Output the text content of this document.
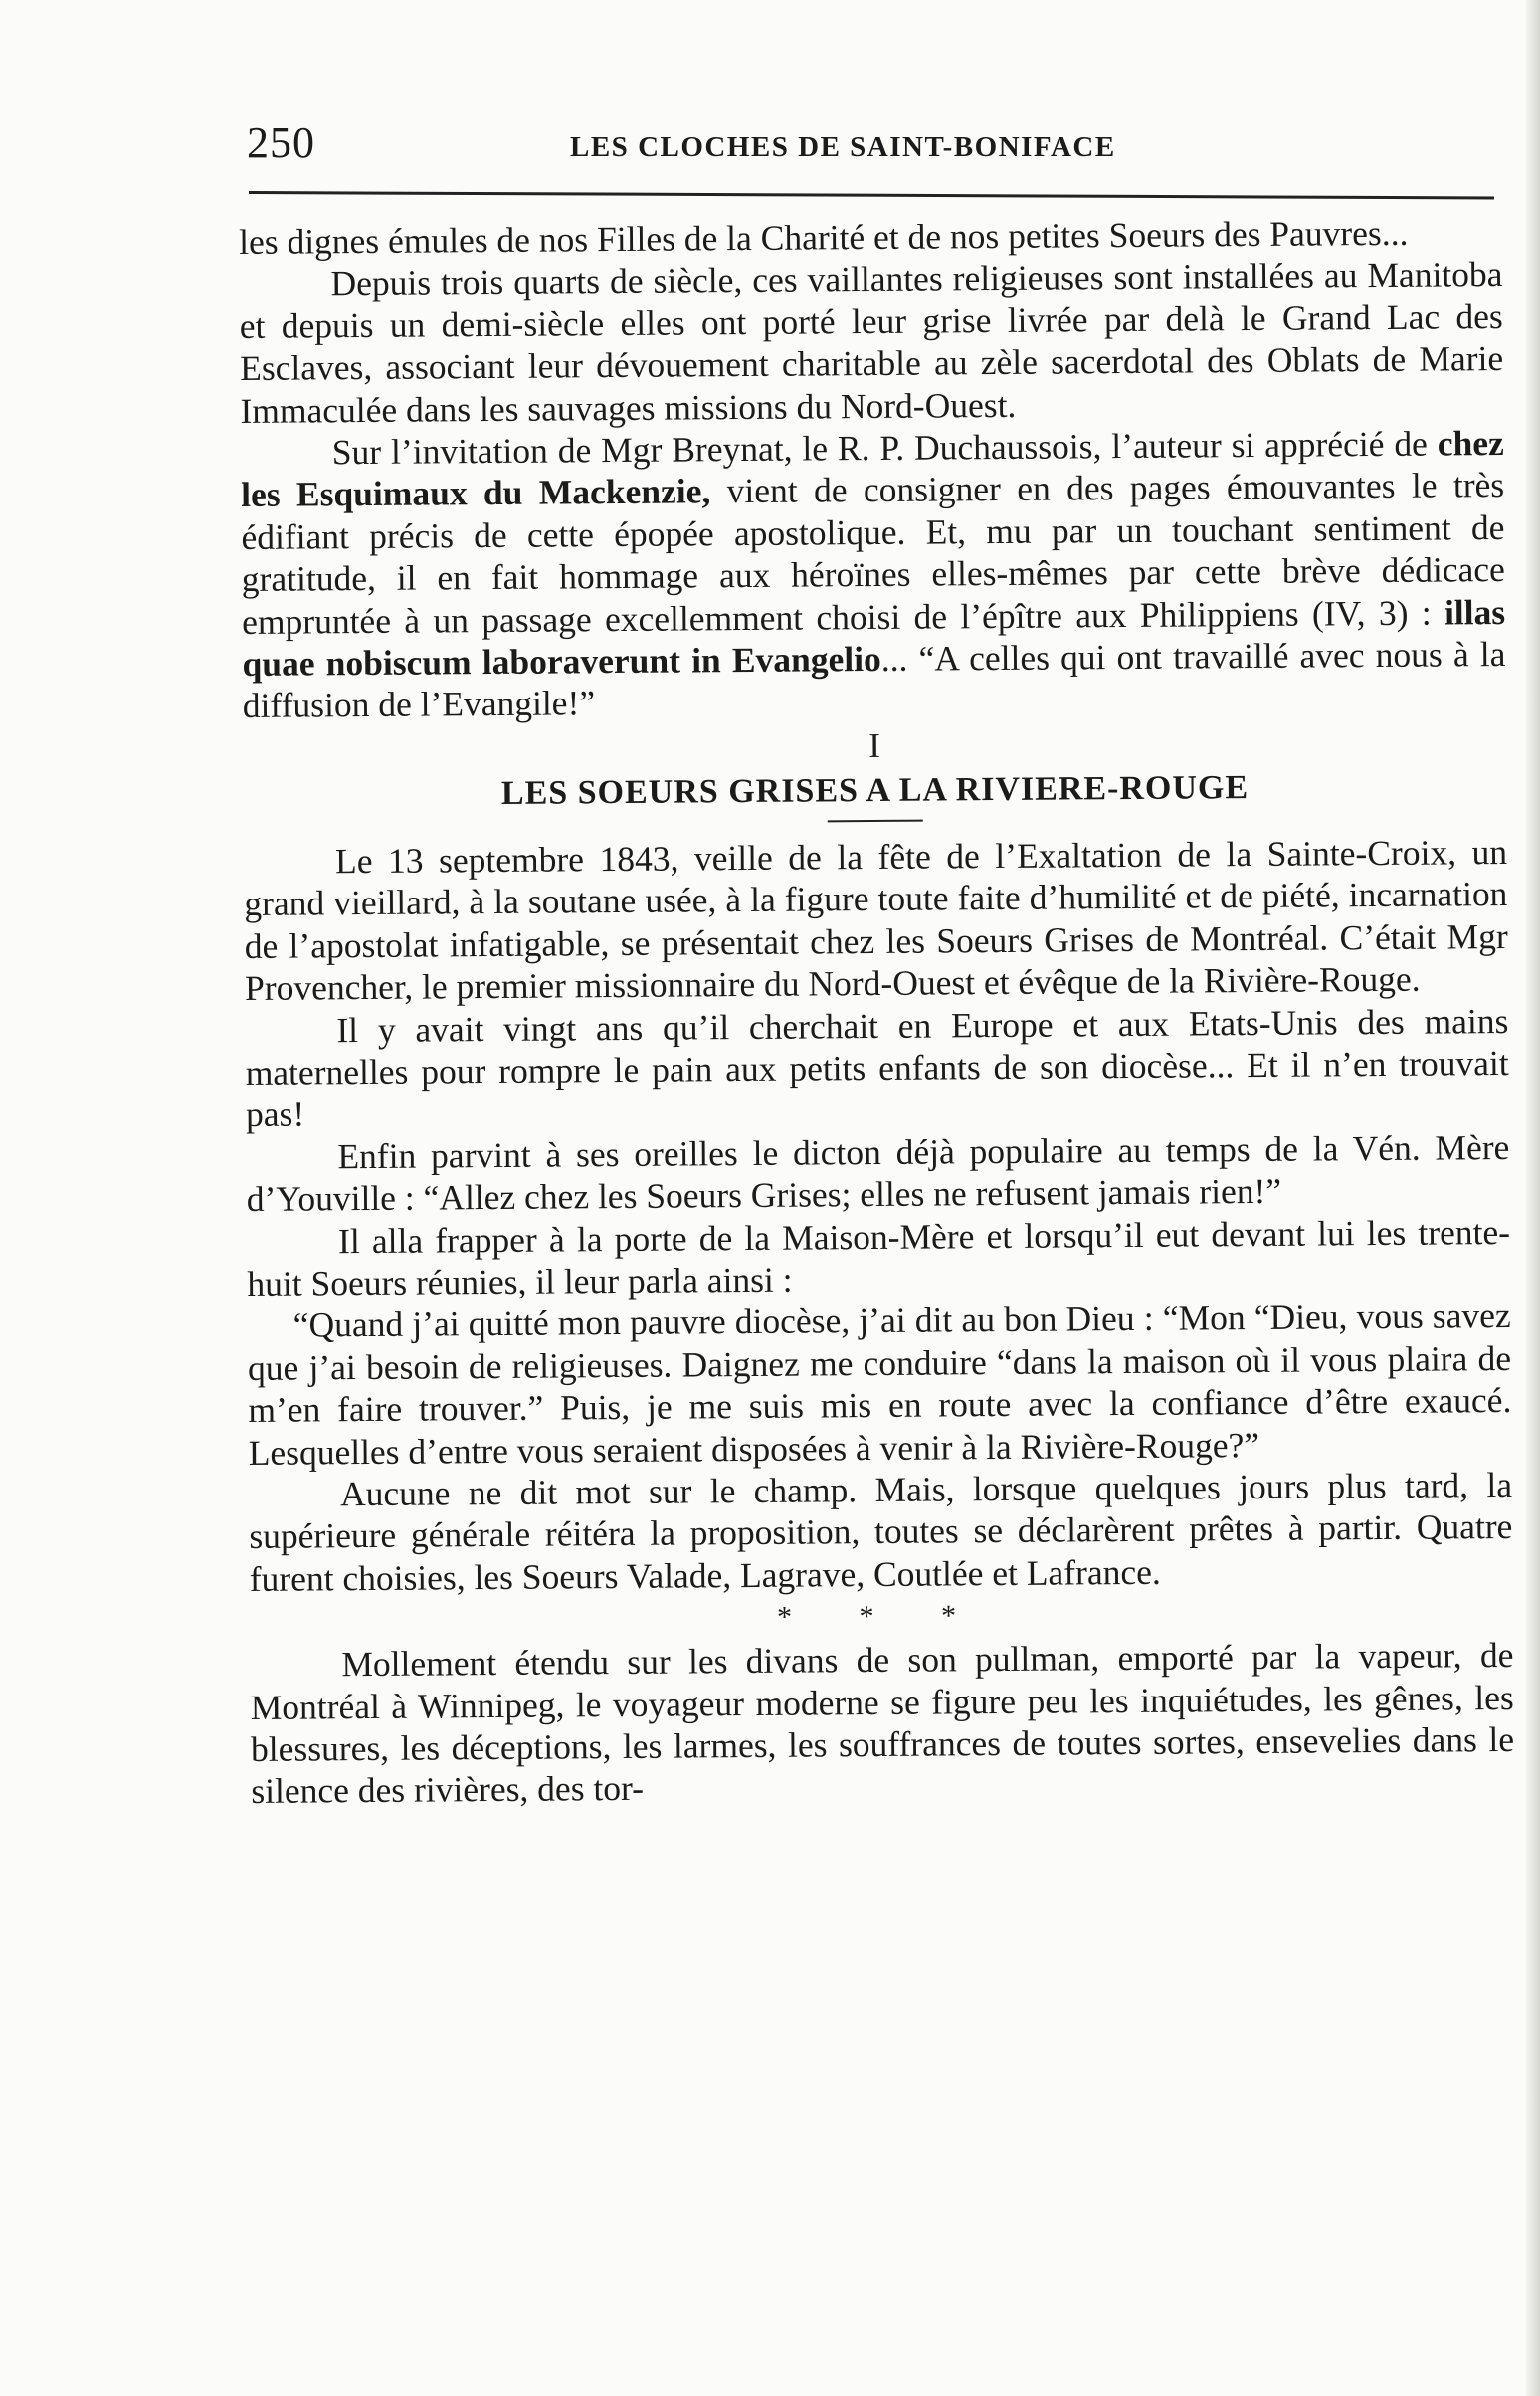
250	LES CLOCHES DE SAINT-BONIFACE

les dignes émules de nos Filles de la Charité et de nos petites Soeurs des Pauvres...

Depuis trois quarts de siècle, ces vaillantes religieuses sont installées au Manitoba et depuis un demi-siècle elles ont porté leur grise livrée par delà le Grand Lac des Esclaves, associant leur dévouement charitable au zèle sacerdotal des Oblats de Marie Immaculée dans les sauvages missions du Nord-Ouest.

Sur l’invitation de Mgr Breynat, le R. P. Duchaussois, l’auteur si apprécié de chez les Esquimaux du Mackenzie, vient de consigner en des pages émouvantes le très édifiant précis de cette épopée apostolique. Et, mu par un touchant sentiment de gratitude, il en fait hommage aux héroïnes elles-mêmes par cette brève dédicace empruntée à un passage excellemment choisi de l’épître aux Philippiens (IV, 3) : illas quae nobiscum laboraverunt in Evangelio... “A celles qui ont travaillé avec nous à la diffusion de l’Evangile!”

I
LES SOEURS GRISES A LA RIVIERE-ROUGE

Le 13 septembre 1843, veille de la fête de l’Exaltation de la Sainte-Croix, un grand vieillard, à la soutane usée, à la figure toute faite d’humilité et de piété, incarnation de l’apostolat infatigable, se présentait chez les Soeurs Grises de Montréal. C’était Mgr Provencher, le premier missionnaire du Nord-Ouest et évêque de la Rivière-Rouge.

Il y avait vingt ans qu’il cherchait en Europe et aux Etats-Unis des mains maternelles pour rompre le pain aux petits enfants de son diocèse... Et il n’en trouvait pas!

Enfin parvint à ses oreilles le dicton déjà populaire au temps de la Vén. Mère d’Youville : “Allez chez les Soeurs Grises; elles ne refusent jamais rien!”

Il alla frapper à la porte de la Maison-Mère et lorsqu’il eut devant lui les trente-huit Soeurs réunies, il leur parla ainsi :

“Quand j’ai quitté mon pauvre diocèse, j’ai dit au bon Dieu : “Mon “Dieu, vous savez que j’ai besoin de religieuses. Daignez me conduire “dans la maison où il vous plaira de m’en faire trouver.” Puis, je me suis mis en route avec la confiance d’être exaucé. Lesquelles d’entre vous seraient disposées à venir à la Rivière-Rouge?”

Aucune ne dit mot sur le champ. Mais, lorsque quelques jours plus tard, la supérieure générale réitéra la proposition, toutes se déclarèrent prêtes à partir. Quatre furent choisies, les Soeurs Valade, Lagrave, Coutlée et Lafrance.

* * *

Mollement étendu sur les divans de son pullman, emporté par la vapeur, de Montréal à Winnipeg, le voyageur moderne se figure peu les inquiétudes, les gênes, les blessures, les déceptions, les larmes, les souffrances de toutes sortes, ensevelies dans le silence des rivières, des tor-
